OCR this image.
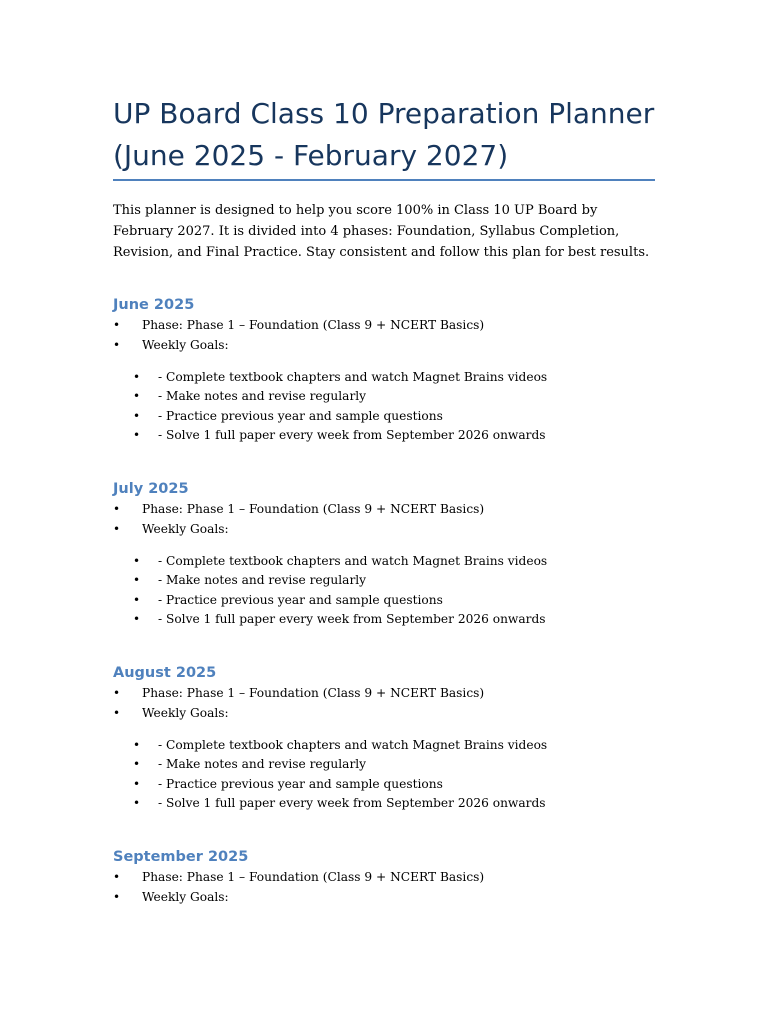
UP Board Class 10 Preparation Planner (June 2025 - February 2027)

This planner is designed to help you score 100% in Class 10 UP Board by February 2027. It is divided into 4 phases: Foundation, Syllabus Completion, Revision, and Final Practice. Stay consistent and follow this plan for best results.

June 2025
• Phase: Phase 1 – Foundation (Class 9 + NCERT Basics)
• Weekly Goals:
• - Complete textbook chapters and watch Magnet Brains videos
• - Make notes and revise regularly
• - Practice previous year and sample questions
• - Solve 1 full paper every week from September 2026 onwards
July 2025
• Phase: Phase 1 – Foundation (Class 9 + NCERT Basics)
• Weekly Goals:
• - Complete textbook chapters and watch Magnet Brains videos
• - Make notes and revise regularly
• - Practice previous year and sample questions
• - Solve 1 full paper every week from September 2026 onwards
August 2025
• Phase: Phase 1 – Foundation (Class 9 + NCERT Basics)
• Weekly Goals:
• - Complete textbook chapters and watch Magnet Brains videos
• - Make notes and revise regularly
• - Practice previous year and sample questions
• - Solve 1 full paper every week from September 2026 onwards
September 2025
• Phase: Phase 1 – Foundation (Class 9 + NCERT Basics)
• Weekly Goals:
